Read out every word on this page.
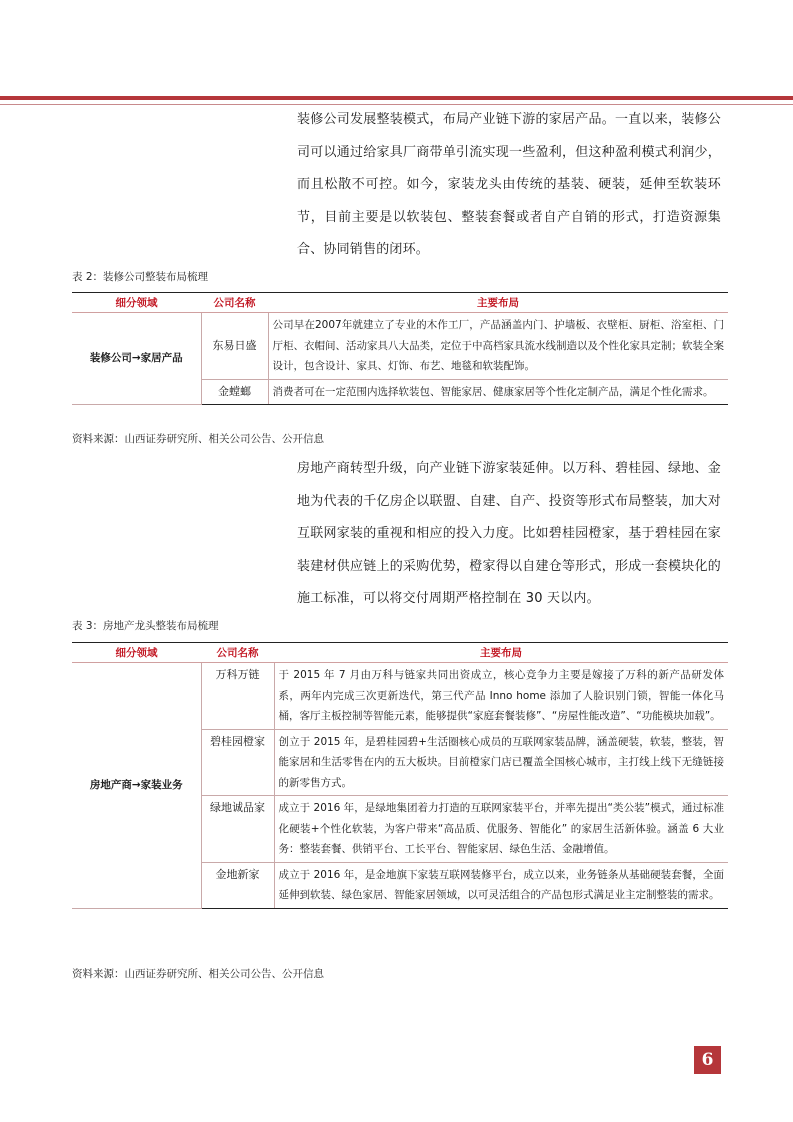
装修公司发展整装模式，布局产业链下游的家居产品。一直以来，装修公司可以通过给家具厂商带单引流实现一些盈利，但这种盈利模式利润少，而且松散不可控。如今，家装龙头由传统的基装、硬装，延伸至软装环节，目前主要是以软装包、整装套餐或者自产自销的形式，打造资源集合、协同销售的闭环。
表 2：装修公司整装布局梳理
细分领域	公司名称	主要布局
装修公司→家居产品	东易日盛	公司早在2007年就建立了专业的木作工厂，产品涵盖内门、护墙板、衣壁柜、厨柜、浴室柜、门厅柜、衣帽间、活动家具八大品类，定位于中高档家具流水线制造以及个性化家具定制；软装全案设计，包含设计、家具、灯饰、布艺、地毯和软装配饰。
	金螳螂	消费者可在一定范围内选择软装包、智能家居、健康家居等个性化定制产品，满足个性化需求。
资料来源：山西证券研究所、相关公司公告、公开信息
房地产商转型升级，向产业链下游家装延伸。以万科、碧桂园、绿地、金地为代表的千亿房企以联盟、自建、自产、投资等形式布局整装，加大对互联网家装的重视和相应的投入力度。比如碧桂园橙家，基于碧桂园在家装建材供应链上的采购优势，橙家得以自建仓等形式，形成一套模块化的施工标准，可以将交付周期严格控制在 30 天以内。
表 3：房地产龙头整装布局梳理
细分领域	公司名称	主要布局
房地产商→家装业务	万科万链	于 2015 年 7 月由万科与链家共同出资成立，核心竞争力主要是嫁接了万科的新产品研发体系，两年内完成三次更新迭代，第三代产品 Inno home 添加了人脸识别门锁，智能一体化马桶，客厅主板控制等智能元素，能够提供“家庭套餐装修”、“房屋性能改造”、“功能模块加载”。
	碧桂园橙家	创立于 2015 年，是碧桂园碧+生活圈核心成员的互联网家装品牌，涵盖硬装，软装，整装，智能家居和生活零售在内的五大板块。目前橙家门店已覆盖全国核心城市，主打线上线下无缝链接的新零售方式。
	绿地诚品家	成立于 2016 年，是绿地集团着力打造的互联网家装平台，并率先提出“类公装”模式，通过标准化硬装+个性化软装，为客户带来“高品质、优服务、智能化” 的家居生活新体验。涵盖 6 大业务：整装套餐、供销平台、工长平台、智能家居、绿色生活、金融增值。
	金地新家	成立于 2016 年，是金地旗下家装互联网装修平台，成立以来，业务链条从基础硬装套餐，全面延伸到软装、绿色家居、智能家居领域，以可灵活组合的产品包形式满足业主定制整装的需求。
资料来源：山西证券研究所、相关公司公告、公开信息
6
